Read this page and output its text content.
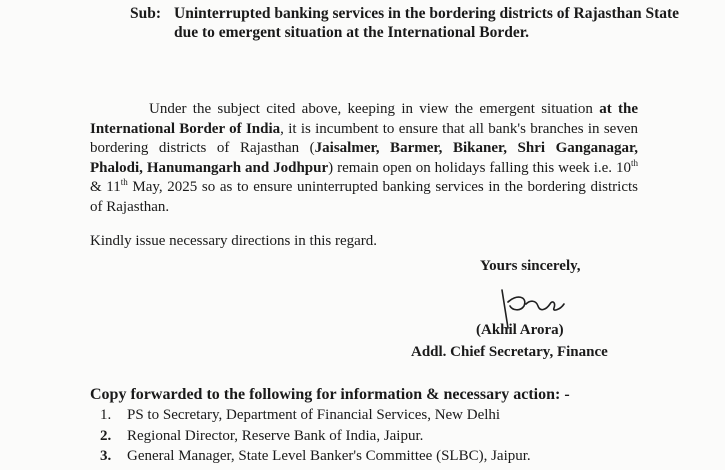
Sub: Uninterrupted banking services in the bordering districts of Rajasthan State due to emergent situation at the International Border.
Under the subject cited above, keeping in view the emergent situation at the International Border of India, it is incumbent to ensure that all bank's branches in seven bordering districts of Rajasthan (Jaisalmer, Barmer, Bikaner, Shri Ganganagar, Phalodi, Hanumangarh and Jodhpur) remain open on holidays falling this week i.e. 10th & 11th May, 2025 so as to ensure uninterrupted banking services in the bordering districts of Rajasthan.
Kindly issue necessary directions in this regard.
Yours sincerely,
(Akhil Arora)
Addl. Chief Secretary, Finance
Copy forwarded to the following for information & necessary action: -
1. PS to Secretary, Department of Financial Services, New Delhi
2. Regional Director, Reserve Bank of India, Jaipur.
3. General Manager, State Level Banker's Committee (SLBC), Jaipur.
